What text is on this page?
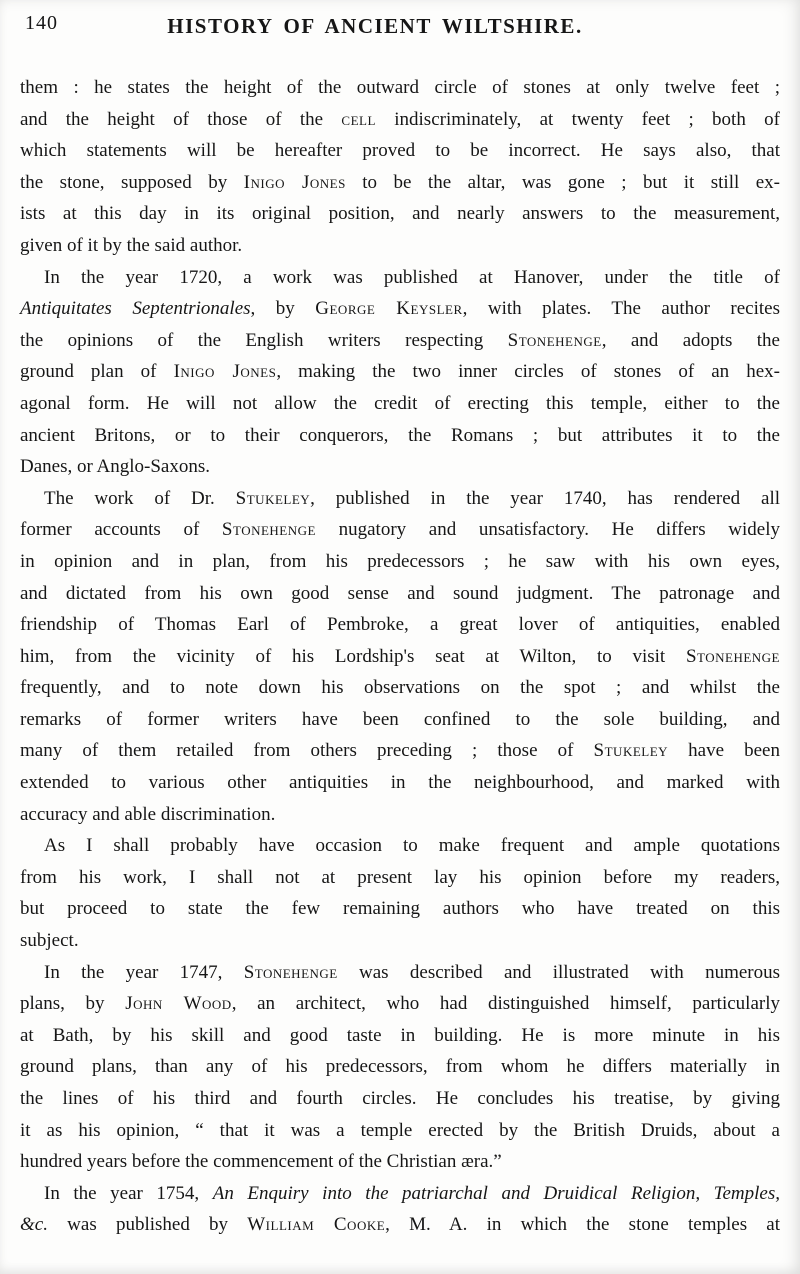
140	HISTORY OF ANCIENT WILTSHIRE.
them : he states the height of the outward circle of stones at only twelve feet ;
and the height of those of the cell indiscriminately, at twenty feet ; both of
which statements will be hereafter proved to be incorrect. He says also, that
the stone, supposed by Inigo Jones to be the altar, was gone ; but it still ex-
ists at this day in its original position, and nearly answers to the measurement,
given of it by the said author.
In the year 1720, a work was published at Hanover, under the title of
Antiquitates Septentrionales, by George Keysler, with plates. The author recites
the opinions of the English writers respecting Stonehenge, and adopts the
ground plan of Inigo Jones, making the two inner circles of stones of an hex-
agonal form. He will not allow the credit of erecting this temple, either to the
ancient Britons, or to their conquerors, the Romans ; but attributes it to the
Danes, or Anglo-Saxons.
The work of Dr. Stukeley, published in the year 1740, has rendered all
former accounts of Stonehenge nugatory and unsatisfactory. He differs widely
in opinion and in plan, from his predecessors ; he saw with his own eyes,
and dictated from his own good sense and sound judgment. The patronage and
friendship of Thomas Earl of Pembroke, a great lover of antiquities, enabled
him, from the vicinity of his Lordship's seat at Wilton, to visit Stonehenge
frequently, and to note down his observations on the spot ; and whilst the
remarks of former writers have been confined to the sole building, and
many of them retailed from others preceding ; those of Stukeley have been
extended to various other antiquities in the neighbourhood, and marked with
accuracy and able discrimination.
As I shall probably have occasion to make frequent and ample quotations
from his work, I shall not at present lay his opinion before my readers,
but proceed to state the few remaining authors who have treated on this
subject.
In the year 1747, Stonehenge was described and illustrated with numerous
plans, by John Wood, an architect, who had distinguished himself, particularly
at Bath, by his skill and good taste in building. He is more minute in his
ground plans, than any of his predecessors, from whom he differs materially in
the lines of his third and fourth circles. He concludes his treatise, by giving
it as his opinion, “ that it was a temple erected by the British Druids, about a
hundred years before the commencement of the Christian æra.”
In the year 1754, An Enquiry into the patriarchal and Druidical Religion, Temples,
&c. was published by William Cooke, M. A. in which the stone temples at
